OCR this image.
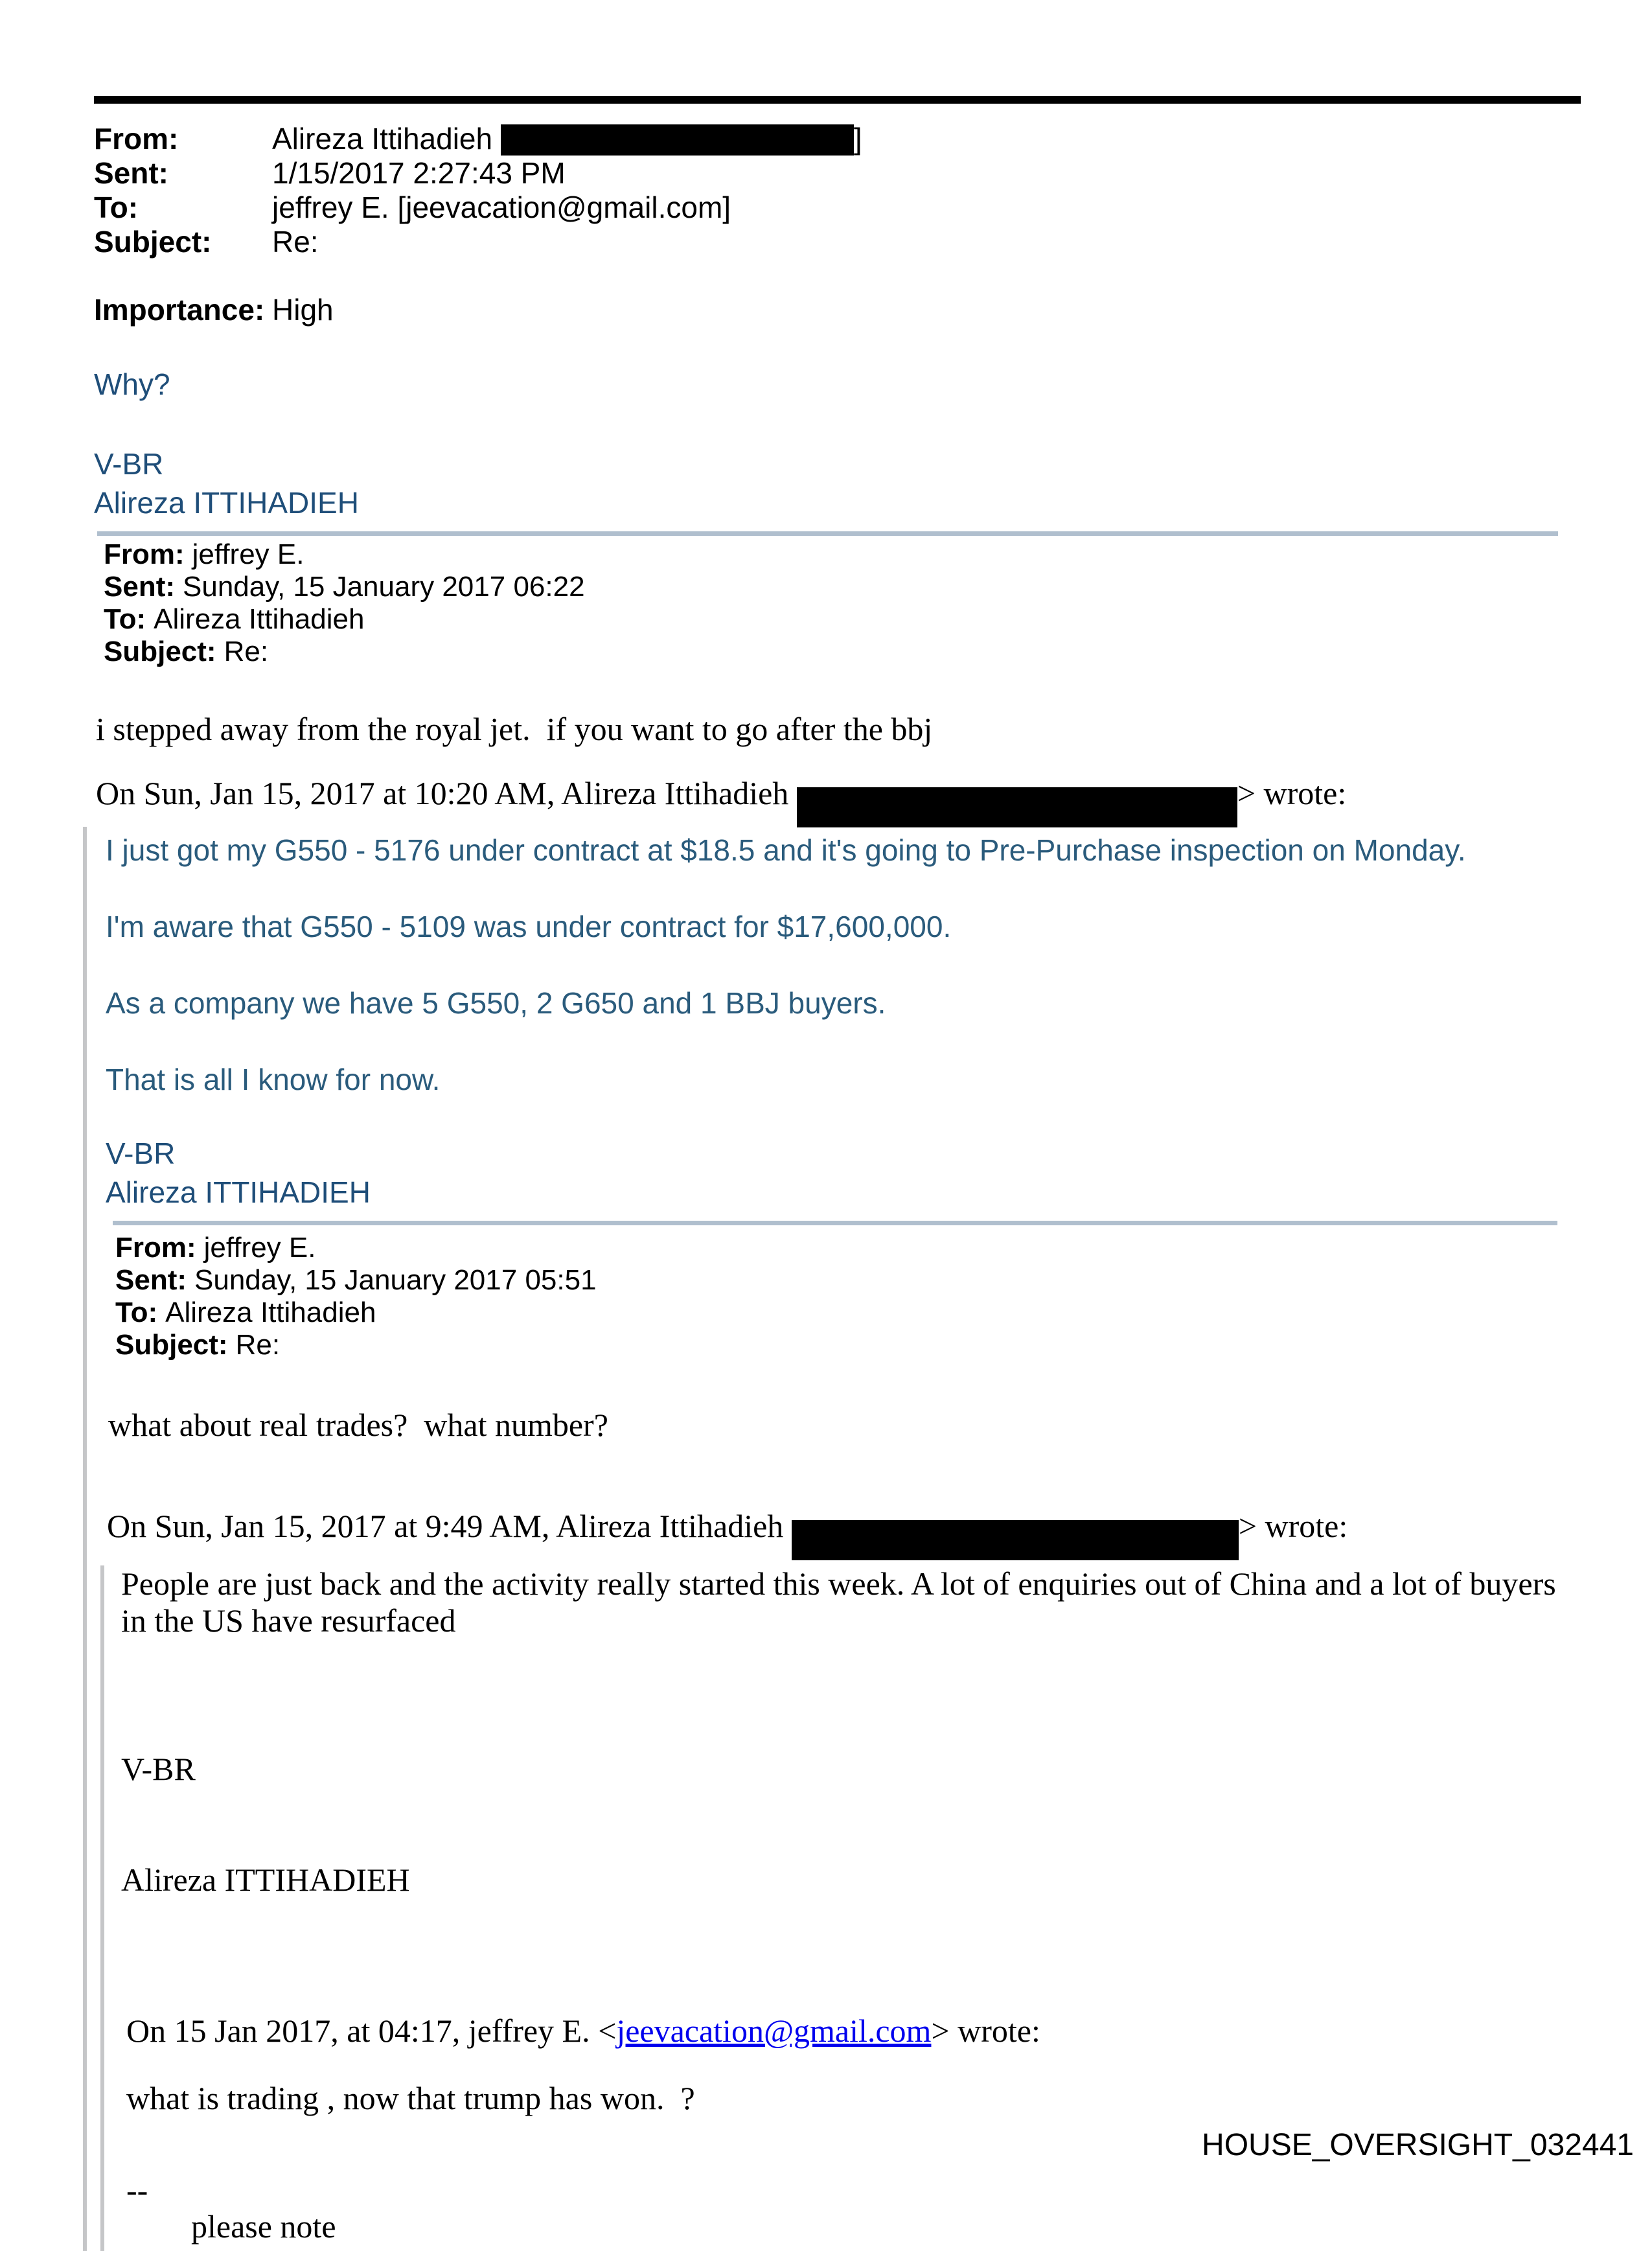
From:	Alireza Ittihadieh	]
Sent:	1/15/2017 2:27:43 PM
To:	jeffrey E. [jeevacation@gmail.com]
Subject:	Re:
Importance: High
Why?
V-BR
Alireza ITTIHADIEH
From: jeffrey E.
Sent: Sunday, 15 January 2017 06:22
To: Alireza Ittihadieh
Subject: Re:
i stepped away from the royal jet.  if you want to go after the bbj
On Sun, Jan 15, 2017 at 10:20 AM, Alireza Ittihadieh	> wrote:
I just got my G550 - 5176 under contract at $18.5 and it's going to Pre-Purchase inspection on Monday.
I'm aware that G550 - 5109 was under contract for $17,600,000.
As a company we have 5 G550, 2 G650 and 1 BBJ buyers.
That is all I know for now.
V-BR
Alireza ITTIHADIEH
From: jeffrey E.
Sent: Sunday, 15 January 2017 05:51
To: Alireza Ittihadieh
Subject: Re:
what about real trades?  what number?
On Sun, Jan 15, 2017 at 9:49 AM, Alireza Ittihadieh	> wrote:
People are just back and the activity really started this week. A lot of enquiries out of China and a lot of buyers in the US have resurfaced

V-BR

Alireza ITTIHADIEH

On 15 Jan 2017, at 04:17, jeffrey E. <jeevacation@gmail.com> wrote:
what is trading , now that trump has won.  ?
--
please note
HOUSE_OVERSIGHT_032441
